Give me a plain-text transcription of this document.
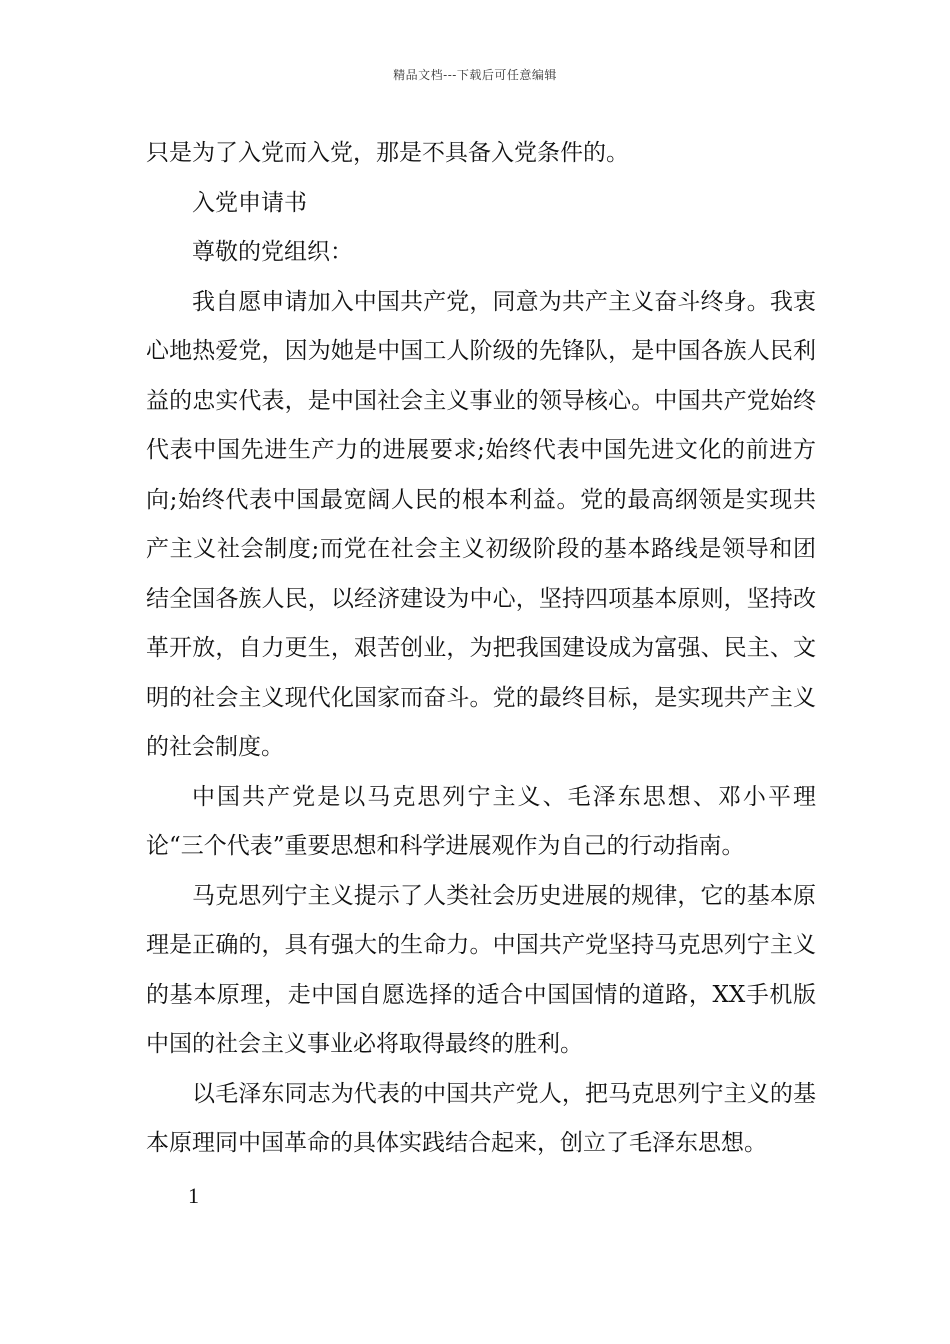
精品文档---下载后可任意编辑

只是为了入党而入党，那是不具备入党条件的。

入党申请书

尊敬的党组织：

我自愿申请加入中国共产党，同意为共产主义奋斗终身。我衷心地热爱党，因为她是中国工人阶级的先锋队，是中国各族人民利益的忠实代表，是中国社会主义事业的领导核心。中国共产党始终代表中国先进生产力的进展要求;始终代表中国先进文化的前进方向;始终代表中国最宽阔人民的根本利益。党的最高纲领是实现共产主义社会制度;而党在社会主义初级阶段的基本路线是领导和团结全国各族人民，以经济建设为中心，坚持四项基本原则，坚持改革开放，自力更生，艰苦创业，为把我国建设成为富强、民主、文明的社会主义现代化国家而奋斗。党的最终目标，是实现共产主义的社会制度。

中国共产党是以马克思列宁主义、毛泽东思想、邓小平理论“三个代表”重要思想和科学进展观作为自己的行动指南。

马克思列宁主义提示了人类社会历史进展的规律，它的基本原理是正确的，具有强大的生命力。中国共产党坚持马克思列宁主义的基本原理，走中国自愿选择的适合中国国情的道路，XX手机版中国的社会主义事业必将取得最终的胜利。

以毛泽东同志为代表的中国共产党人，把马克思列宁主义的基本原理同中国革命的具体实践结合起来，创立了毛泽东思想。

1
